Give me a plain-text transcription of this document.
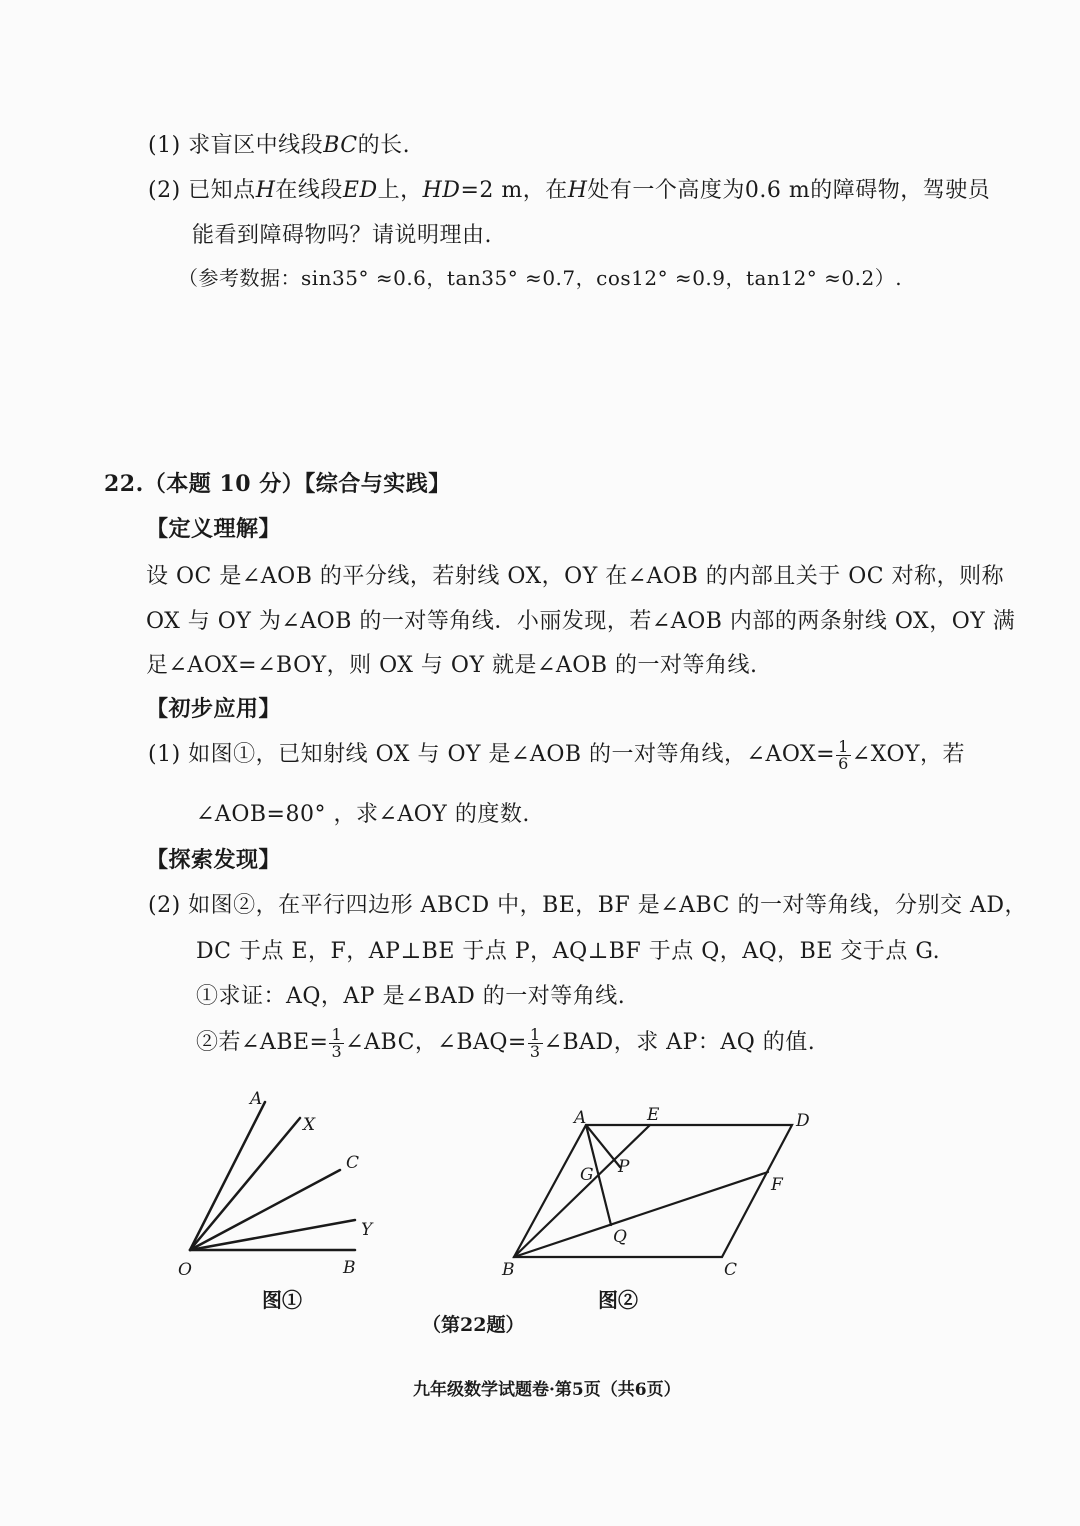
(1) 求盲区中线段BC的长.
(2) 已知点H在线段ED上，HD=2 m，在H处有一个高度为0.6 m的障碍物，驾驶员
能看到障碍物吗？请说明理由.
（参考数据：sin35° ≈0.6，tan35° ≈0.7，cos12° ≈0.9，tan12° ≈0.2）.
22.（本题 10 分）【综合与实践】
【定义理解】
设 OC 是∠AOB 的平分线，若射线 OX，OY 在∠AOB 的内部且关于 OC 对称，则称
OX 与 OY 为∠AOB 的一对等角线．小丽发现，若∠AOB 内部的两条射线 OX，OY 满
足∠AOX=∠BOY，则 OX 与 OY 就是∠AOB 的一对等角线.
【初步应用】
(1) 如图①，已知射线 OX 与 OY 是∠AOB 的一对等角线，∠AOX= $\frac{1}{6}$ ∠XOY，若
∠AOB=80° ，求∠AOY 的度数.
【探索发现】
(2) 如图②，在平行四边形 ABCD 中，BE，BF 是∠ABC 的一对等角线，分别交 AD，
DC 于点 E，F，AP⊥BE 于点 P，AQ⊥BF 于点 Q，AQ，BE 交于点 G.
①求证：AQ，AP 是∠BAD 的一对等角线.
②若∠ABE= $\frac{1}{3}$ ∠ABC，∠BAQ= $\frac{1}{3}$ ∠BAD，求 AP：AQ 的值.
A
X
C
Y
O	B
图①
A	E	D
G P
F
Q
B	C
图②
（第22题）
九年级数学试题卷·第5页（共6页）
